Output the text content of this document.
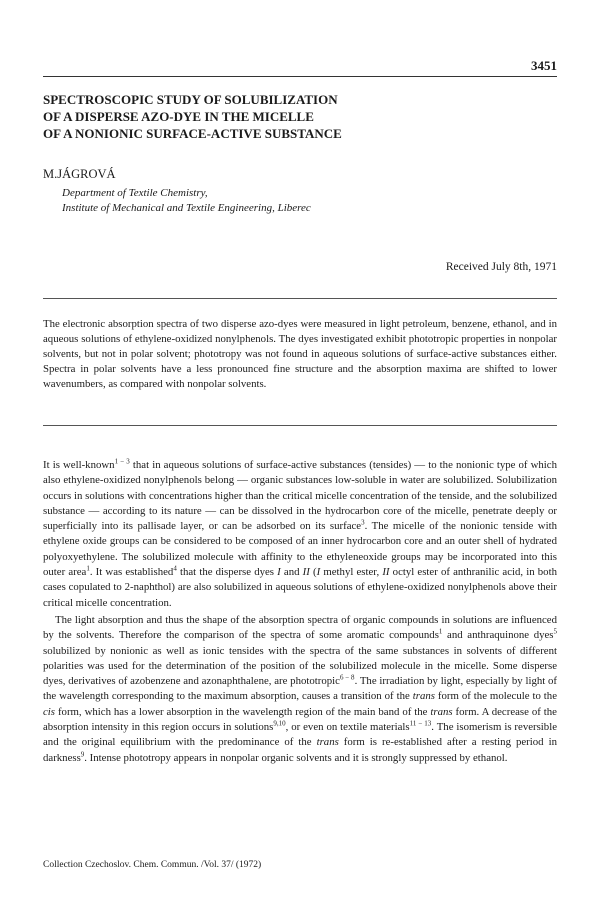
3451
SPECTROSCOPIC STUDY OF SOLUBILIZATION
OF A DISPERSE AZO-DYE IN THE MICELLE
OF A NONIONIC SURFACE-ACTIVE SUBSTANCE
M.JÁGROVÁ
Department of Textile Chemistry,
Institute of Mechanical and Textile Engineering, Liberec
Received July 8th, 1971
The electronic absorption spectra of two disperse azo-dyes were measured in light petroleum, benzene, ethanol, and in aqueous solutions of ethylene-oxidized nonylphenols. The dyes investigated exhibit phototropic properties in nonpolar solvents, but not in polar solvent; phototropy was not found in aqueous solutions of surface-active substances either. Spectra in polar solvents have a less pronounced fine structure and the absorption maxima are shifted to lower wavenumbers, as compared with nonpolar solvents.

It is well-known$^{1 - 3}$ that in aqueous solutions of surface-active substances (tensides) — to the nonionic type of which also ethylene-oxidized nonylphenols belong — organic substances low-soluble in water are solubilized. Solubilization occurs in solutions with concentrations higher than the critical micelle concentration of the tenside, and the solubilized substance — according to its nature — can be dissolved in the hydrocarbon core of the micelle, penetrate deeply or superficially into its pallisade layer, or can be adsorbed on its surface$^3$. The micelle of the nonionic tenside with ethylene oxide groups can be considered to be composed of an inner hydrocarbon core and an outer shell of hydrated polyoxyethylene. The solubilized molecule with affinity to the ethyleneoxide groups may be incorporated into this outer area$^1$. It was established$^4$ that the disperse dyes I and II (I methyl ester, II octyl ester of anthranilic acid, in both cases copulated to 2-naphthol) are also solubilized in aqueous solutions of ethylene-oxidized nonylphenols above their critical micelle concentration.

The light absorption and thus the shape of the absorption spectra of organic compounds in solutions are influenced by the solvents. Therefore the comparison of the spectra of some aromatic compounds$^1$ and anthraquinone dyes$^5$ solubilized by nonionic as well as ionic tensides with the spectra of the same substances in solvents of different polarities was used for the determination of the position of the solubilized molecule in the micelle. Some disperse dyes, derivatives of azobenzene and azonaphthalene, are phototropic$^{6 - 8}$. The irradiation by light, especially by light of the wavelength corresponding to the maximum absorption, causes a transition of the trans form of the molecule to the cis form, which has a lower absorption in the wavelength region of the main band of the trans form. A decrease of the absorption intensity in this region occurs in solutions$^{9,10}$, or even on textile materials$^{11 - 13}$. The isomerism is reversible and the original equilibrium with the predominance of the trans form is re-established after a resting period in darkness$^9$. Intense phototropy appears in nonpolar organic solvents and it is strongly suppressed by ethanol.

Collection Czechoslov. Chem. Commun. /Vol. 37/ (1972)
